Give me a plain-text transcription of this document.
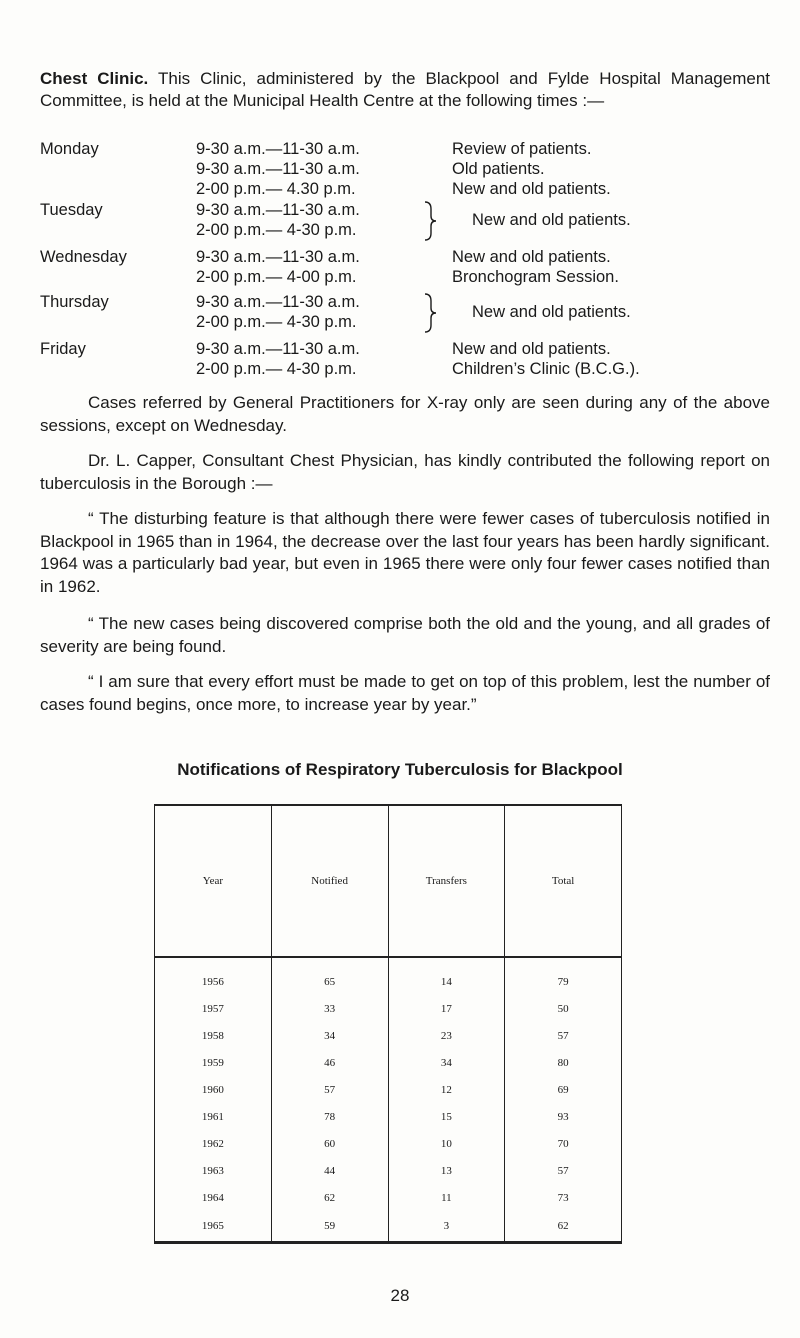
Chest Clinic. This Clinic, administered by the Blackpool and Fylde Hospital Management Committee, is held at the Municipal Health Centre at the following times :—

Monday	9-30 a.m.—11-30 a.m.	Review of patients.
9-30 a.m.—11-30 a.m.	Old patients.
2-00 p.m.— 4.30 p.m.	New and old patients.
Tuesday	9-30 a.m.—11-30 a.m.
2-00 p.m.— 4-30 p.m.
New and old patients.
Wednesday	9-30 a.m.—11-30 a.m.	New and old patients.
2-00 p.m.— 4-00 p.m.	Bronchogram Session.
Thursday	9-30 a.m.—11-30 a.m.
2-00 p.m.— 4-30 p.m.
New and old patients.
Friday	9-30 a.m.—11-30 a.m.	New and old patients.
2-00 p.m.— 4-30 p.m.	Children’s Clinic (B.C.G.).

Cases referred by General Practitioners for X-ray only are seen during any of the above sessions, except on Wednesday.

Dr. L. Capper, Consultant Chest Physician, has kindly contributed the following report on tuberculosis in the Borough :—

“ The disturbing feature is that although there were fewer cases of tuberculosis notified in Blackpool in 1965 than in 1964, the decrease over the last four years has been hardly significant. 1964 was a particularly bad year, but even in 1965 there were only four fewer cases notified than in 1962.

“ The new cases being discovered comprise both the old and the young, and all grades of severity are being found.

“ I am sure that every effort must be made to get on top of this problem, lest the number of cases found begins, once more, to increase year by year.”

Notifications of Respiratory Tuberculosis for Blackpool
Year	Notified	Transfers	Total
1956	65	14	79
1957	33	17	50
1958	34	23	57
1959	46	34	80
1960	57	12	69
1961	78	15	93
1962	60	10	70
1963	44	13	57
1964	62	11	73
1965	59	3	62
28
